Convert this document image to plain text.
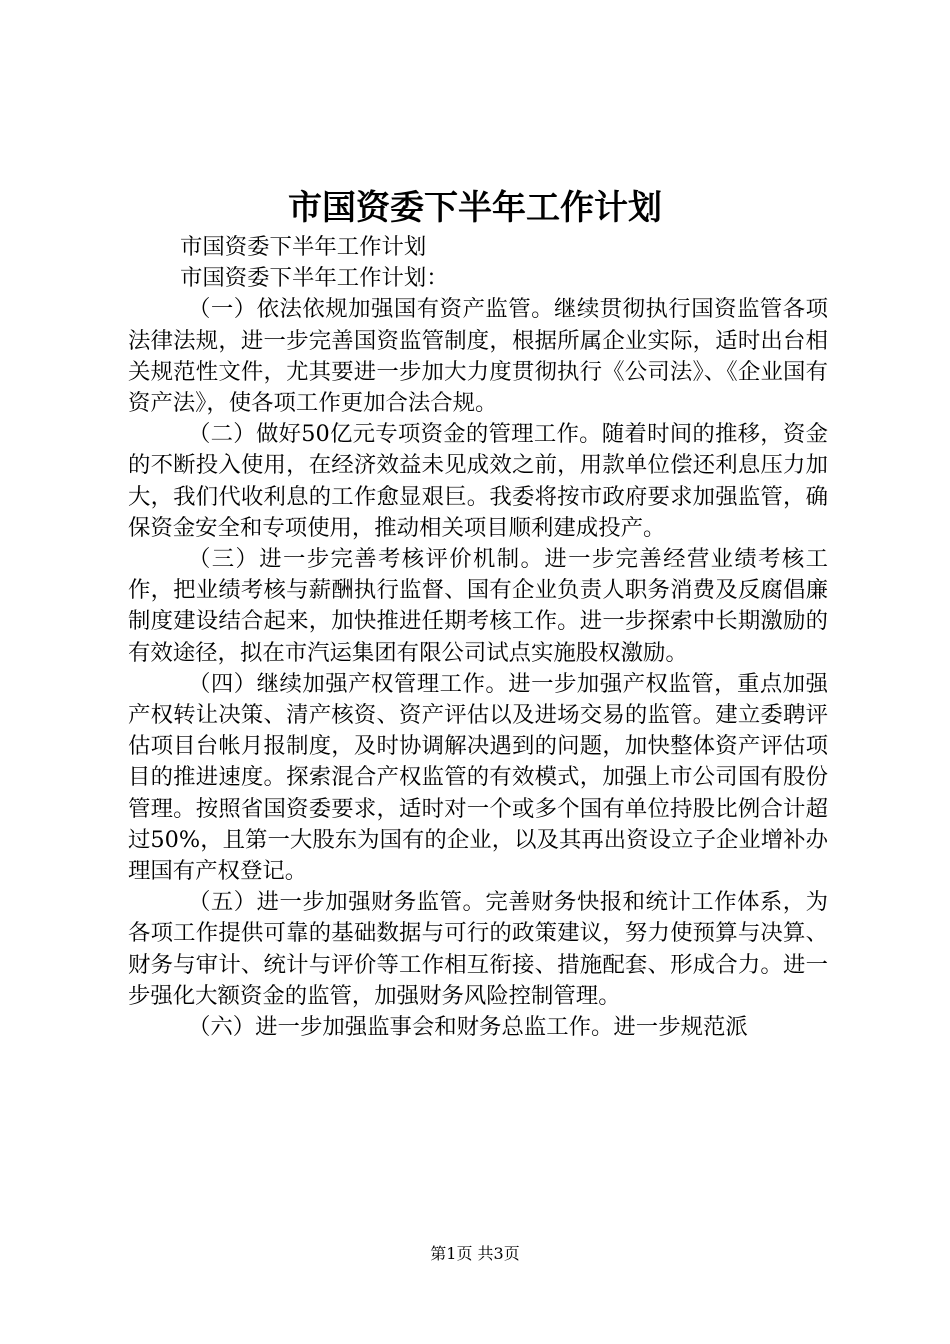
市国资委下半年工作计划

市国资委下半年工作计划

市国资委下半年工作计划：

（一）依法依规加强国有资产监管。继续贯彻执行国资监管各项法律法规，进一步完善国资监管制度，根据所属企业实际，适时出台相关规范性文件，尤其要进一步加大力度贯彻执行《公司法》、《企业国有资产法》，使各项工作更加合法合规。

（二）做好50亿元专项资金的管理工作。随着时间的推移，资金的不断投入使用，在经济效益未见成效之前，用款单位偿还利息压力加大，我们代收利息的工作愈显艰巨。我委将按市政府要求加强监管，确保资金安全和专项使用，推动相关项目顺利建成投产。

（三）进一步完善考核评价机制。进一步完善经营业绩考核工作，把业绩考核与薪酬执行监督、国有企业负责人职务消费及反腐倡廉制度建设结合起来，加快推进任期考核工作。进一步探索中长期激励的有效途径，拟在市汽运集团有限公司试点实施股权激励。

（四）继续加强产权管理工作。进一步加强产权监管，重点加强产权转让决策、清产核资、资产评估以及进场交易的监管。建立委聘评估项目台帐月报制度，及时协调解决遇到的问题，加快整体资产评估项目的推进速度。探索混合产权监管的有效模式，加强上市公司国有股份管理。按照省国资委要求，适时对一个或多个国有单位持股比例合计超过50%，且第一大股东为国有的企业，以及其再出资设立子企业增补办理国有产权登记。

（五）进一步加强财务监管。完善财务快报和统计工作体系，为各项工作提供可靠的基础数据与可行的政策建议，努力使预算与决算、财务与审计、统计与评价等工作相互衔接、措施配套、形成合力。进一步强化大额资金的监管，加强财务风险控制管理。

（六）进一步加强监事会和财务总监工作。进一步规范派

第1页 共3页
